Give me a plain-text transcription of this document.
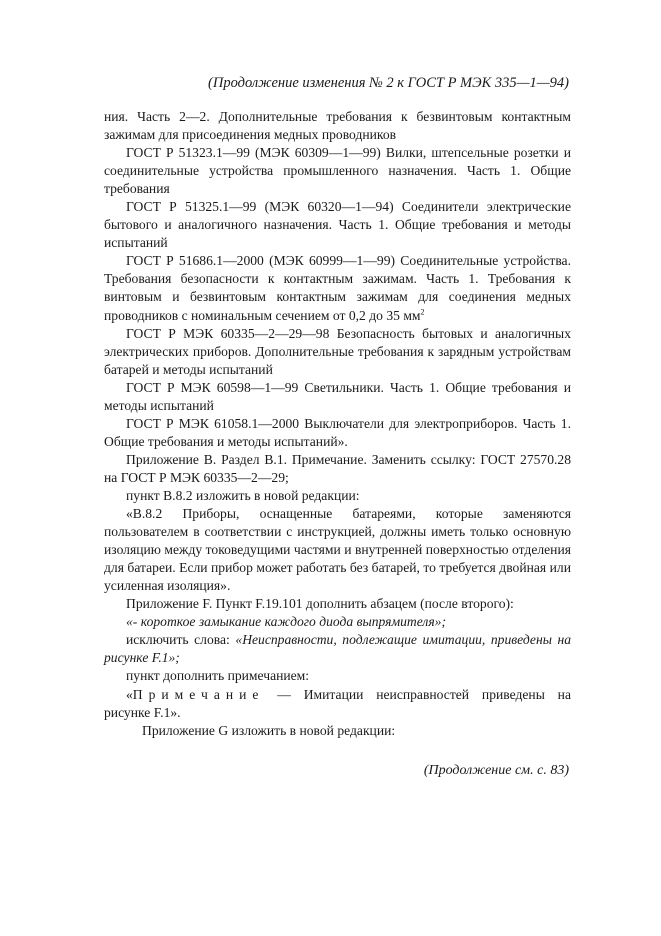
(Продолжение изменения № 2 к ГОСТ Р МЭК 335—1—94)

ния. Часть 2—2. Дополнительные требования к безвинтовым контактным зажимам для присоединения медных проводников

ГОСТ Р 51323.1—99 (МЭК 60309—1—99) Вилки, штепсельные розетки и соединительные устройства промышленного назначения. Часть 1. Общие требования

ГОСТ Р 51325.1—99 (МЭК 60320—1—94) Соединители электрические бытового и аналогичного назначения. Часть 1. Общие требования и методы испытаний

ГОСТ Р 51686.1—2000 (МЭК 60999—1—99) Соединительные устройства. Требования безопасности к контактным зажимам. Часть 1. Требования к винтовым и безвинтовым контактным зажимам для соединения медных проводников с номинальным сечением от 0,2 до 35 $мм^2$

ГОСТ Р МЭК 60335—2—29—98 Безопасность бытовых и аналогичных электрических приборов. Дополнительные требования к зарядным устройствам батарей и методы испытаний

ГОСТ Р МЭК 60598—1—99 Светильники. Часть 1. Общие требования и методы испытаний

ГОСТ Р МЭК 61058.1—2000 Выключатели для электроприборов. Часть 1. Общие требования и методы испытаний».

Приложение В. Раздел В.1. Примечание. Заменить ссылку: ГОСТ 27570.28 на ГОСТ Р МЭК 60335—2—29;

пункт В.8.2 изложить в новой редакции:

«В.8.2 Приборы, оснащенные батареями, которые заменяются пользователем в соответствии с инструкцией, должны иметь только основную изоляцию между токоведущими частями и внутренней поверхностью отделения для батареи. Если прибор может работать без батарей, то требуется двойная или усиленная изоляция».

Приложение F. Пункт F.19.101 дополнить абзацем (после второго):

«- короткое замыкание каждого диода выпрямителя»;

исключить слова: «Неисправности, подлежащие имитации, приведены на рисунке F.1»;

пункт дополнить примечанием:

«Примечание — Имитации неисправностей приведены на рисунке F.1».

Приложение G изложить в новой редакции:

(Продолжение см. с. 83)
